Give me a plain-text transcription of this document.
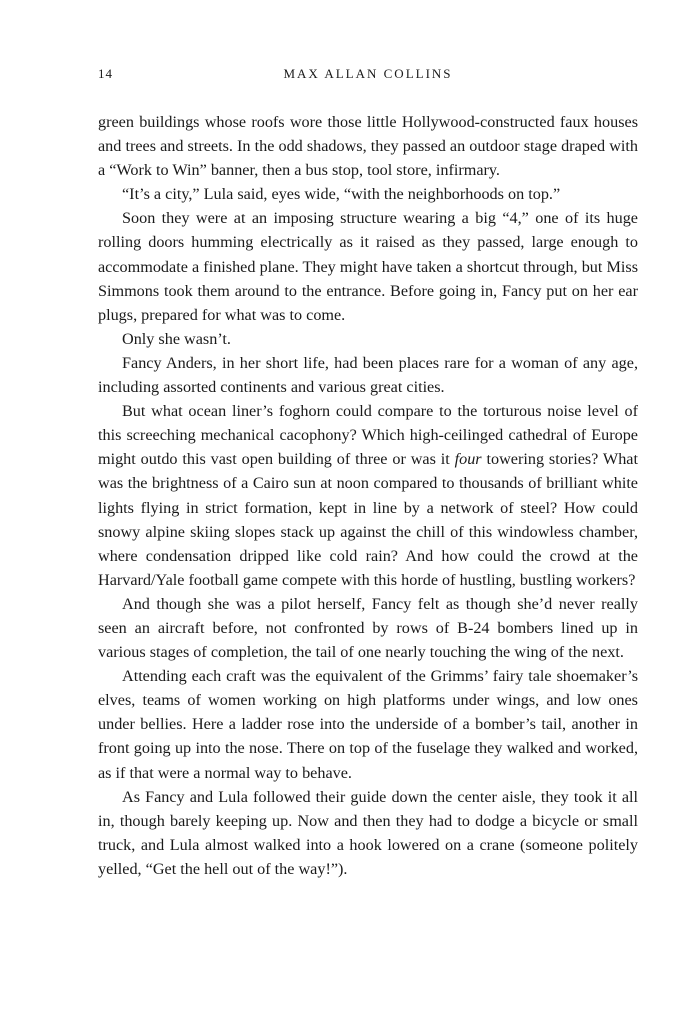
14	MAX ALLAN COLLINS

green buildings whose roofs wore those little Hollywood-constructed faux houses and trees and streets. In the odd shadows, they passed an outdoor stage draped with a “Work to Win” banner, then a bus stop, tool store, infirmary.

“It’s a city,” Lula said, eyes wide, “with the neighborhoods on top.”

Soon they were at an imposing structure wearing a big “4,” one of its huge rolling doors humming electrically as it raised as they passed, large enough to accommodate a finished plane. They might have taken a shortcut through, but Miss Simmons took them around to the entrance. Before going in, Fancy put on her ear plugs, prepared for what was to come.

Only she wasn’t.

Fancy Anders, in her short life, had been places rare for a woman of any age, including assorted continents and various great cities.

But what ocean liner’s foghorn could compare to the torturous noise level of this screeching mechanical cacophony? Which high-ceilinged cathedral of Europe might outdo this vast open building of three or was it four towering stories? What was the brightness of a Cairo sun at noon compared to thousands of brilliant white lights flying in strict formation, kept in line by a network of steel? How could snowy alpine skiing slopes stack up against the chill of this windowless chamber, where condensation dripped like cold rain? And how could the crowd at the Harvard/Yale football game compete with this horde of hustling, bustling workers?

And though she was a pilot herself, Fancy felt as though she’d never really seen an aircraft before, not confronted by rows of B-24 bombers lined up in various stages of completion, the tail of one nearly touching the wing of the next.

Attending each craft was the equivalent of the Grimms’ fairy tale shoemaker’s elves, teams of women working on high platforms under wings, and low ones under bellies. Here a ladder rose into the underside of a bomber’s tail, another in front going up into the nose. There on top of the fuselage they walked and worked, as if that were a normal way to behave.

As Fancy and Lula followed their guide down the center aisle, they took it all in, though barely keeping up. Now and then they had to dodge a bicycle or small truck, and Lula almost walked into a hook lowered on a crane (someone politely yelled, “Get the hell out of the way!”).
